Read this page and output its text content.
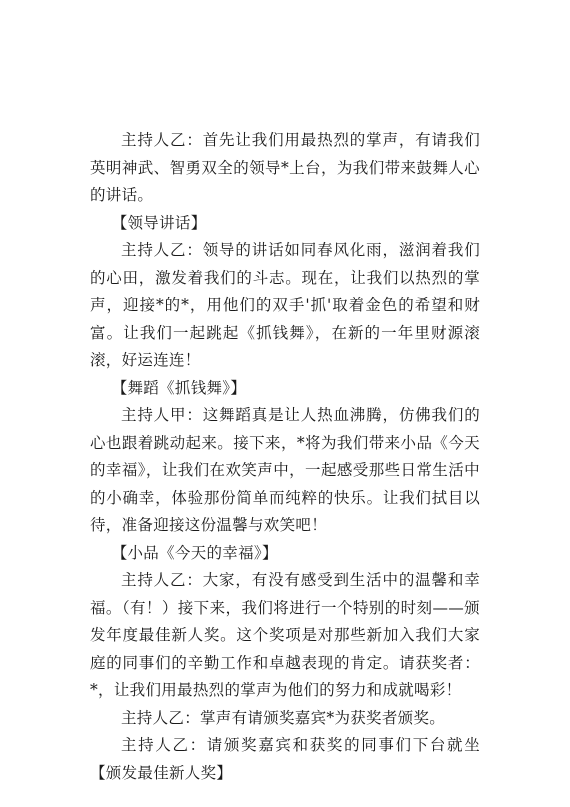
主持人乙：首先让我们用最热烈的掌声，有请我们英明神武、智勇双全的领导*上台，为我们带来鼓舞人心的讲话。

【领导讲话】

主持人乙：领导的讲话如同春风化雨，滋润着我们的心田，激发着我们的斗志。现在，让我们以热烈的掌声，迎接*的*，用他们的双手'抓'取着金色的希望和财富。让我们一起跳起《抓钱舞》，在新的一年里财源滚滚，好运连连！

【舞蹈《抓钱舞》】

主持人甲：这舞蹈真是让人热血沸腾，仿佛我们的心也跟着跳动起来。接下来，*将为我们带来小品《今天的幸福》，让我们在欢笑声中，一起感受那些日常生活中的小确幸，体验那份简单而纯粹的快乐。让我们拭目以待，准备迎接这份温馨与欢笑吧！

【小品《今天的幸福》】

主持人乙：大家，有没有感受到生活中的温馨和幸福。（有！）接下来，我们将进行一个特别的时刻——颁发年度最佳新人奖。这个奖项是对那些新加入我们大家庭的同事们的辛勤工作和卓越表现的肯定。请获奖者：*，让我们用最热烈的掌声为他们的努力和成就喝彩！

主持人乙：掌声有请颁奖嘉宾*为获奖者颁奖。

主持人乙：请颁奖嘉宾和获奖的同事们下台就坐【颁发最佳新人奖】
